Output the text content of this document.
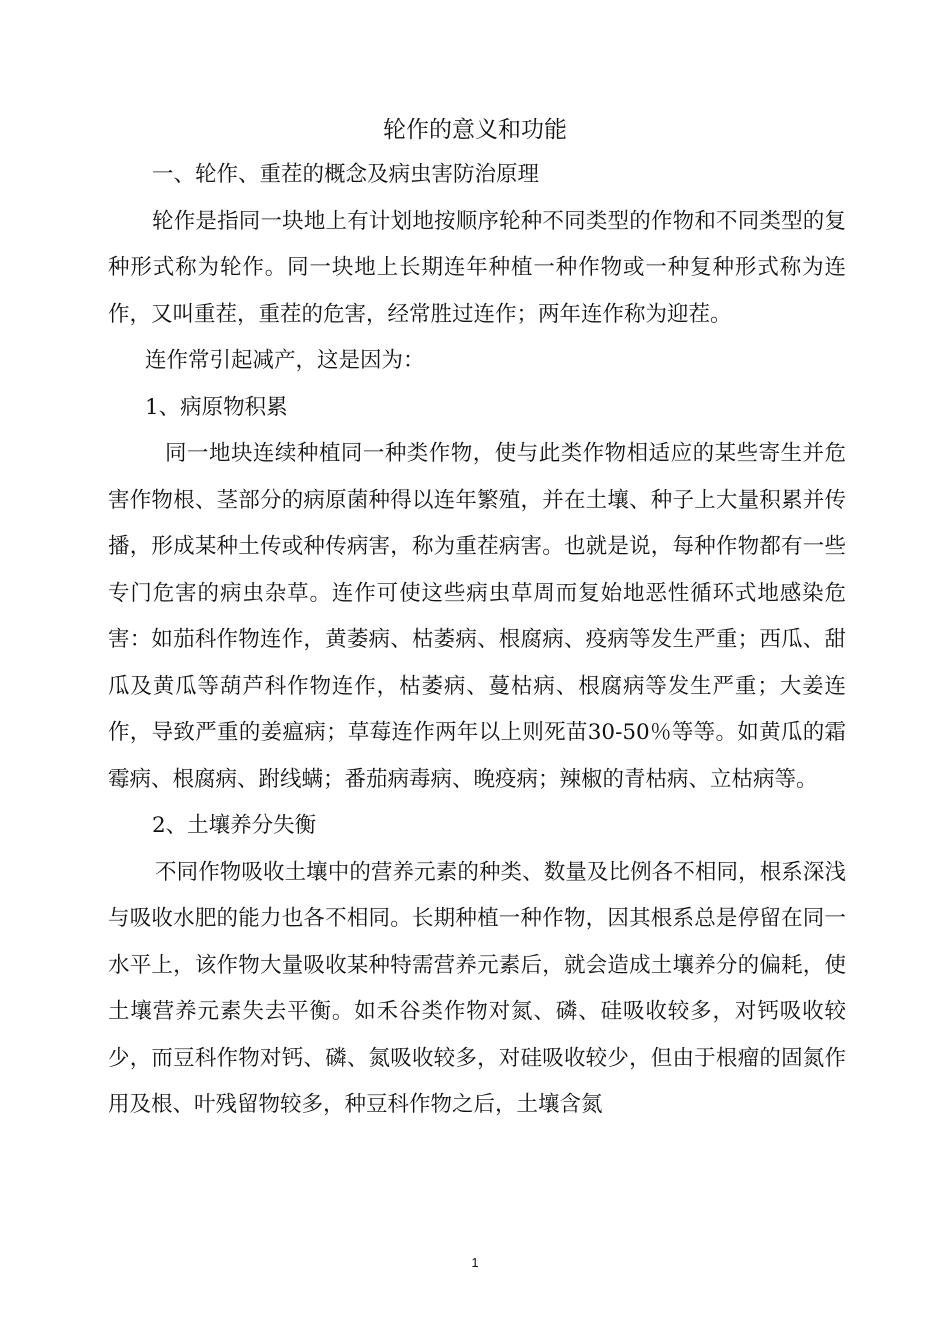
轮作的意义和功能

一、轮作、重茬的概念及病虫害防治原理

轮作是指同一块地上有计划地按顺序轮种不同类型的作物和不同类型的复种形式称为轮作。同一块地上长期连年种植一种作物或一种复种形式称为连作，又叫重茬，重茬的危害，经常胜过连作；两年连作称为迎茬。

连作常引起减产，这是因为：

1、病原物积累

同一地块连续种植同一种类作物，使与此类作物相适应的某些寄生并危害作物根、茎部分的病原菌种得以连年繁殖，并在土壤、种子上大量积累并传播，形成某种土传或种传病害，称为重茬病害。也就是说，每种作物都有一些专门危害的病虫杂草。连作可使这些病虫草周而复始地恶性循环式地感染危害：如茄科作物连作，黄萎病、枯萎病、根腐病、疫病等发生严重；西瓜、甜瓜及黄瓜等葫芦科作物连作，枯萎病、蔓枯病、根腐病等发生严重；大姜连作，导致严重的姜瘟病；草莓连作两年以上则死苗30-50％等等。如黄瓜的霜霉病、根腐病、跗线螨；番茄病毒病、晚疫病；辣椒的青枯病、立枯病等。

2、土壤养分失衡

不同作物吸收土壤中的营养元素的种类、数量及比例各不相同，根系深浅与吸收水肥的能力也各不相同。长期种植一种作物，因其根系总是停留在同一水平上，该作物大量吸收某种特需营养元素后，就会造成土壤养分的偏耗，使土壤营养元素失去平衡。如禾谷类作物对氮、磷、硅吸收较多，对钙吸收较少，而豆科作物对钙、磷、氮吸收较多，对硅吸收较少，但由于根瘤的固氮作用及根、叶残留物较多，种豆科作物之后，土壤含氮

1
